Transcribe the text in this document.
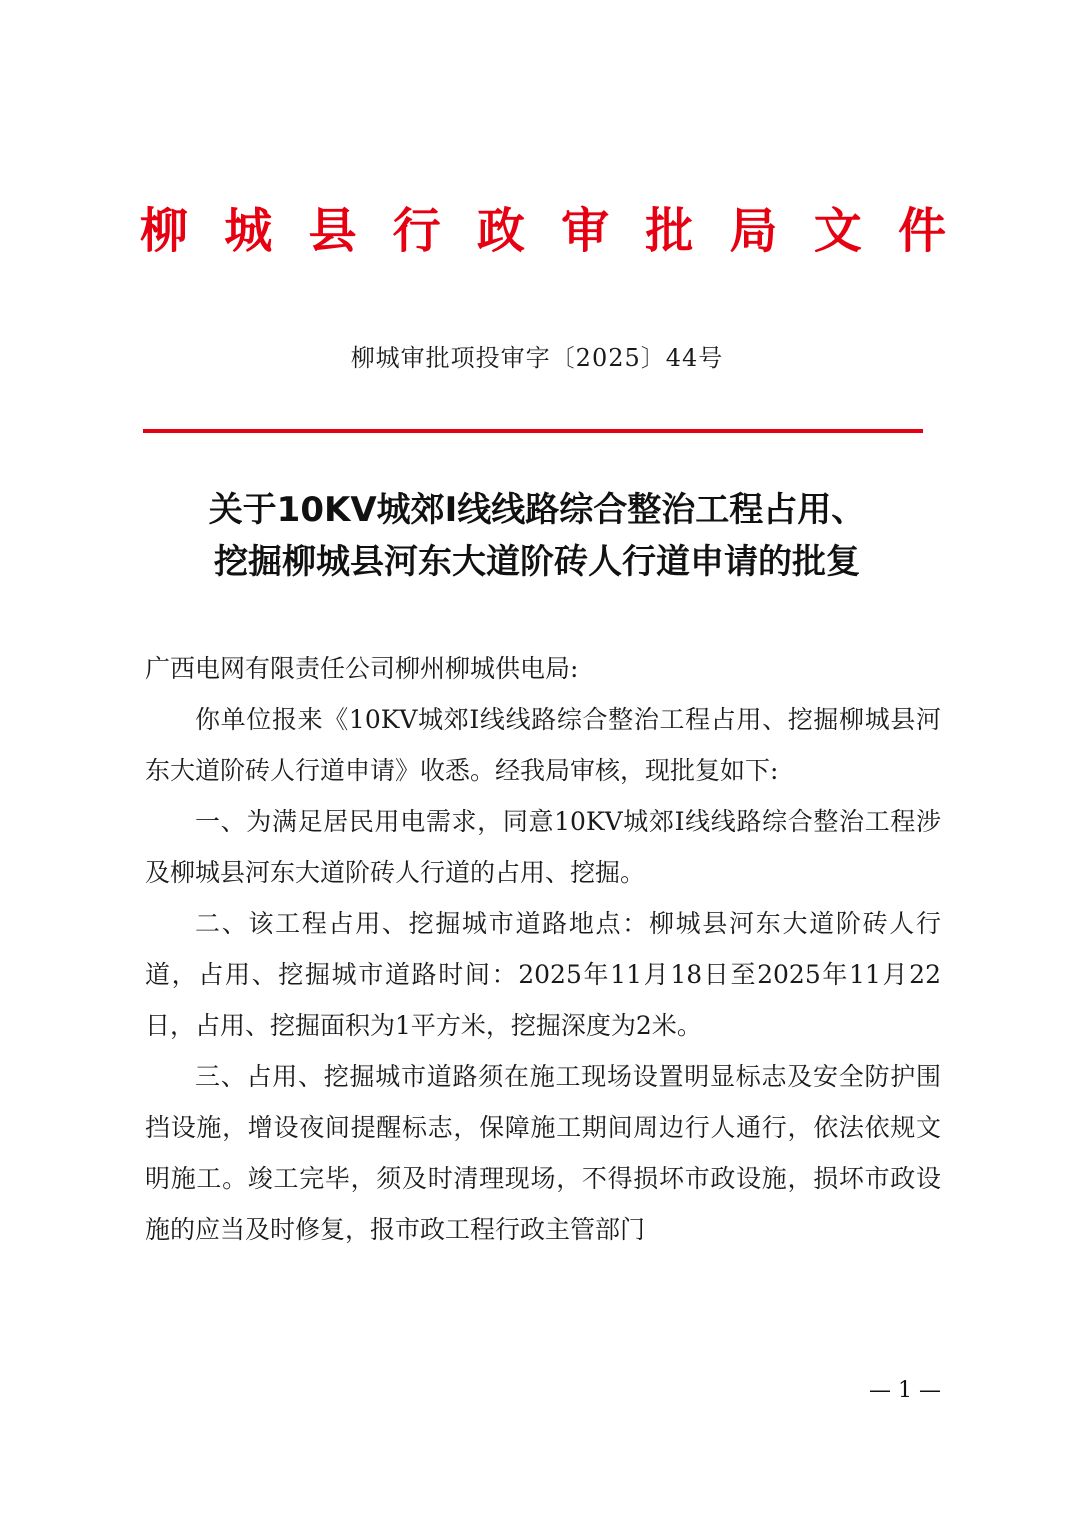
柳 城 县 行 政 审 批 局 文 件
柳城审批项投审字〔2025〕44号
关于10KV城郊Ⅰ线线路综合整治工程占用、
挖掘柳城县河东大道阶砖人行道申请的批复

广西电网有限责任公司柳州柳城供电局:

你单位报来《10KV城郊Ⅰ线线路综合整治工程占用、挖掘柳城县河东大道阶砖人行道申请》收悉。经我局审核，现批复如下:

一、为满足居民用电需求，同意10KV城郊Ⅰ线线路综合整治工程涉及柳城县河东大道阶砖人行道的占用、挖掘。

二、该工程占用、挖掘城市道路地点：柳城县河东大道阶砖人行道，占用、挖掘城市道路时间：2025年11月18日至2025年11月22日，占用、挖掘面积为1平方米，挖掘深度为2米。

三、占用、挖掘城市道路须在施工现场设置明显标志及安全防护围挡设施，增设夜间提醒标志，保障施工期间周边行人通行，依法依规文明施工。竣工完毕，须及时清理现场，不得损坏市政设施，损坏市政设施的应当及时修复，报市政工程行政主管部门

— 1 —
